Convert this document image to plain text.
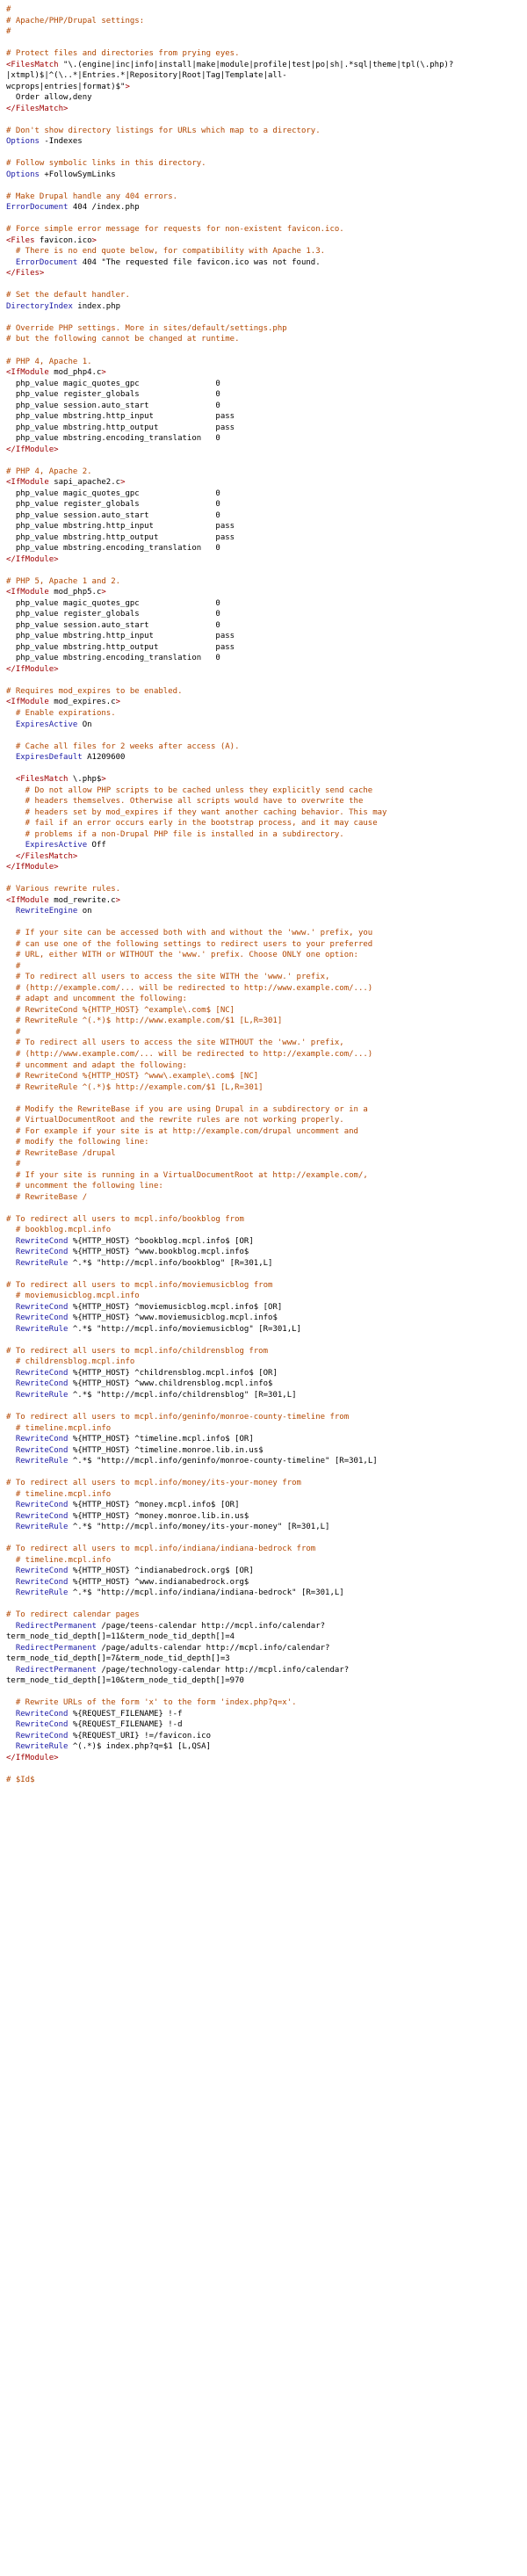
#
# Apache/PHP/Drupal settings:
#

# Protect files and directories from prying eyes.
<FilesMatch "\.(engine|inc|info|install|make|module|profile|test|po|sh|.*sql|theme|tpl(\.php)?
|xtmpl)$|^(\..*|Entries.*|Repository|Root|Tag|Template|all-
wcprops|entries|format)$">
Order allow,deny
</FilesMatch>

# Don't show directory listings for URLs which map to a directory.
Options -Indexes

# Follow symbolic links in this directory.
Options +FollowSymLinks

# Make Drupal handle any 404 errors.
ErrorDocument 404 /index.php

# Force simple error message for requests for non-existent favicon.ico.
<Files favicon.ico>
# There is no end quote below, for compatibility with Apache 1.3.
ErrorDocument 404 "The requested file favicon.ico was not found.
</Files>

# Set the default handler.
DirectoryIndex index.php

# Override PHP settings. More in sites/default/settings.php
# but the following cannot be changed at runtime.

# PHP 4, Apache 1.
<IfModule mod_php4.c>
php_value magic_quotes_gpc                0
php_value register_globals                0
php_value session.auto_start              0
php_value mbstring.http_input             pass
php_value mbstring.http_output            pass
php_value mbstring.encoding_translation   0
</IfModule>

# PHP 4, Apache 2.
<IfModule sapi_apache2.c>
php_value magic_quotes_gpc                0
php_value register_globals                0
php_value session.auto_start              0
php_value mbstring.http_input             pass
php_value mbstring.http_output            pass
php_value mbstring.encoding_translation   0
</IfModule>

# PHP 5, Apache 1 and 2.
<IfModule mod_php5.c>
php_value magic_quotes_gpc                0
php_value register_globals                0
php_value session.auto_start              0
php_value mbstring.http_input             pass
php_value mbstring.http_output            pass
php_value mbstring.encoding_translation   0
</IfModule>

# Requires mod_expires to be enabled.
<IfModule mod_expires.c>
# Enable expirations.
ExpiresActive On

# Cache all files for 2 weeks after access (A).
ExpiresDefault A1209600

<FilesMatch \.php$>
# Do not allow PHP scripts to be cached unless they explicitly send cache
# headers themselves. Otherwise all scripts would have to overwrite the
# headers set by mod_expires if they want another caching behavior. This may
# fail if an error occurs early in the bootstrap process, and it may cause
# problems if a non-Drupal PHP file is installed in a subdirectory.
ExpiresActive Off
</FilesMatch>
</IfModule>

# Various rewrite rules.
<IfModule mod_rewrite.c>
RewriteEngine on

# If your site can be accessed both with and without the 'www.' prefix, you
# can use one of the following settings to redirect users to your preferred
# URL, either WITH or WITHOUT the 'www.' prefix. Choose ONLY one option:
#
# To redirect all users to access the site WITH the 'www.' prefix,
# (http://example.com/... will be redirected to http://www.example.com/...)
# adapt and uncomment the following:
# RewriteCond %{HTTP_HOST} ^example\.com$ [NC]
# RewriteRule ^(.*)$ http://www.example.com/$1 [L,R=301]
#
# To redirect all users to access the site WITHOUT the 'www.' prefix,
# (http://www.example.com/... will be redirected to http://example.com/...)
# uncomment and adapt the following:
# RewriteCond %{HTTP_HOST} ^www\.example\.com$ [NC]
# RewriteRule ^(.*)$ http://example.com/$1 [L,R=301]

# Modify the RewriteBase if you are using Drupal in a subdirectory or in a
# VirtualDocumentRoot and the rewrite rules are not working properly.
# For example if your site is at http://example.com/drupal uncomment and
# modify the following line:
# RewriteBase /drupal
#
# If your site is running in a VirtualDocumentRoot at http://example.com/,
# uncomment the following line:
# RewriteBase /

# To redirect all users to mcpl.info/bookblog from
# bookblog.mcpl.info
RewriteCond %{HTTP_HOST} ^bookblog.mcpl.info$ [OR]
RewriteCond %{HTTP_HOST} ^www.bookblog.mcpl.info$
RewriteRule ^.*$ "http://mcpl.info/bookblog" [R=301,L]

# To redirect all users to mcpl.info/moviemusicblog from
# moviemusicblog.mcpl.info
RewriteCond %{HTTP_HOST} ^moviemusicblog.mcpl.info$ [OR]
RewriteCond %{HTTP_HOST} ^www.moviemusicblog.mcpl.info$
RewriteRule ^.*$ "http://mcpl.info/moviemusicblog" [R=301,L]

# To redirect all users to mcpl.info/childrensblog from
# childrensblog.mcpl.info
RewriteCond %{HTTP_HOST} ^childrensblog.mcpl.info$ [OR]
RewriteCond %{HTTP_HOST} ^www.childrensblog.mcpl.info$
RewriteRule ^.*$ "http://mcpl.info/childrensblog" [R=301,L]

# To redirect all users to mcpl.info/geninfo/monroe-county-timeline from
# timeline.mcpl.info
RewriteCond %{HTTP_HOST} ^timeline.mcpl.info$ [OR]
RewriteCond %{HTTP_HOST} ^timeline.monroe.lib.in.us$
RewriteRule ^.*$ "http://mcpl.info/geninfo/monroe-county-timeline" [R=301,L]

# To redirect all users to mcpl.info/money/its-your-money from
# timeline.mcpl.info
RewriteCond %{HTTP_HOST} ^money.mcpl.info$ [OR]
RewriteCond %{HTTP_HOST} ^money.monroe.lib.in.us$
RewriteRule ^.*$ "http://mcpl.info/money/its-your-money" [R=301,L]

# To redirect all users to mcpl.info/indiana/indiana-bedrock from
# timeline.mcpl.info
RewriteCond %{HTTP_HOST} ^indianabedrock.org$ [OR]
RewriteCond %{HTTP_HOST} ^www.indianabedrock.org$
RewriteRule ^.*$ "http://mcpl.info/indiana/indiana-bedrock" [R=301,L]

# To redirect calendar pages
RedirectPermanent /page/teens-calendar http://mcpl.info/calendar?
term_node_tid_depth[]=11&term_node_tid_depth[]=4
RedirectPermanent /page/adults-calendar http://mcpl.info/calendar?
term_node_tid_depth[]=7&term_node_tid_depth[]=3
RedirectPermanent /page/technology-calendar http://mcpl.info/calendar?
term_node_tid_depth[]=10&term_node_tid_depth[]=970

# Rewrite URLs of the form 'x' to the form 'index.php?q=x'.
RewriteCond %{REQUEST_FILENAME} !-f
RewriteCond %{REQUEST_FILENAME} !-d
RewriteCond %{REQUEST_URI} !=/favicon.ico
RewriteRule ^(.*)$ index.php?q=$1 [L,QSA]
</IfModule>

# $Id$
